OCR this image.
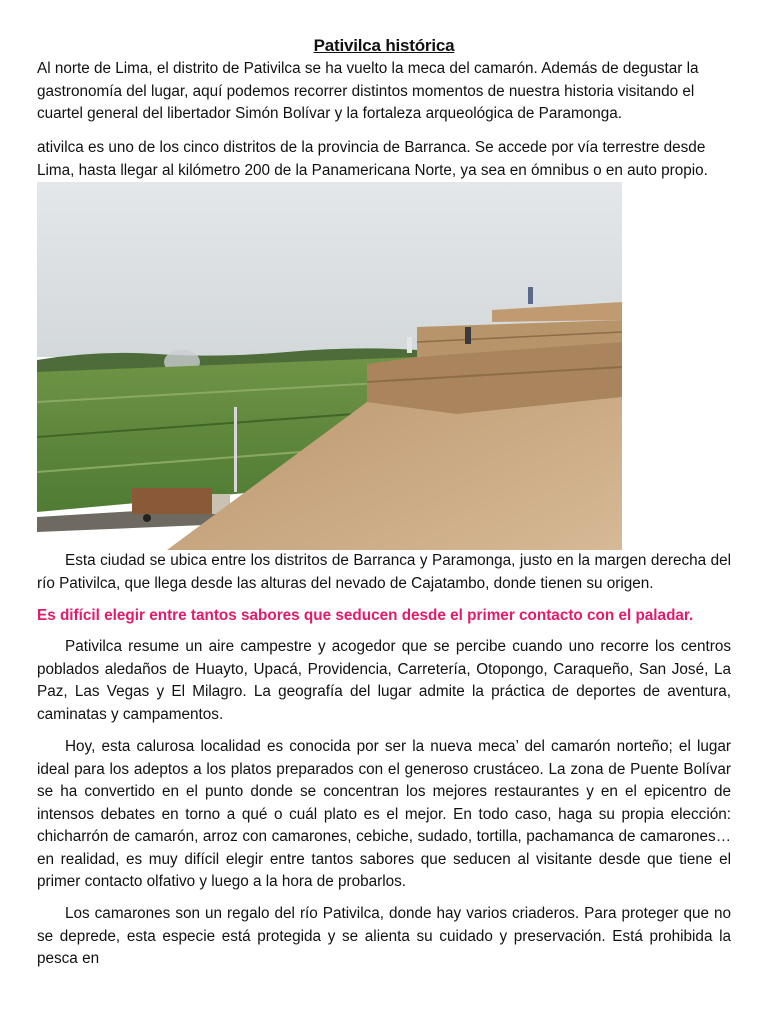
Pativilca histórica

Al norte de Lima, el distrito de Pativilca se ha vuelto la meca del camarón. Además de degustar la gastronomía del lugar, aquí podemos recorrer distintos momentos de nuestra historia visitando el cuartel general del libertador Simón Bolívar y la fortaleza arqueológica de Paramonga.

ativilca es uno de los cinco distritos de la provincia de Barranca. Se accede por vía terrestre desde Lima, hasta llegar al kilómetro 200 de la Panamericana Norte, ya sea en ómnibus o en auto propio.

Esta ciudad se ubica entre los distritos de Barranca y Paramonga, justo en la margen derecha del río Pativilca, que llega desde las alturas del nevado de Cajatambo, donde tienen su origen.

Es difícil elegir entre tantos sabores que seducen desde el primer contacto con el paladar.

Pativilca resume un aire campestre y acogedor que se percibe cuando uno recorre los centros poblados aledaños de Huayto, Upacá, Providencia, Carretería, Otopongo, Caraqueño, San José, La Paz, Las Vegas y El Milagro. La geografía del lugar admite la práctica de deportes de aventura, caminatas y campamentos.

Hoy, esta calurosa localidad es conocida por ser la nueva meca’ del camarón norteño; el lugar ideal para los adeptos a los platos preparados con el generoso crustáceo. La zona de Puente Bolívar se ha convertido en el punto donde se concentran los mejores restaurantes y en el epicentro de intensos debates en torno a qué o cuál plato es el mejor. En todo caso, haga su propia elección: chicharrón de camarón, arroz con camarones, cebiche, sudado, tortilla, pachamanca de camarones… en realidad, es muy difícil elegir entre tantos sabores que seducen al visitante desde que tiene el primer contacto olfativo y luego a la hora de probarlos.

Los camarones son un regalo del río Pativilca, donde hay varios criaderos. Para proteger que no se deprede, esta especie está protegida y se alienta su cuidado y preservación. Está prohibida la pesca en
